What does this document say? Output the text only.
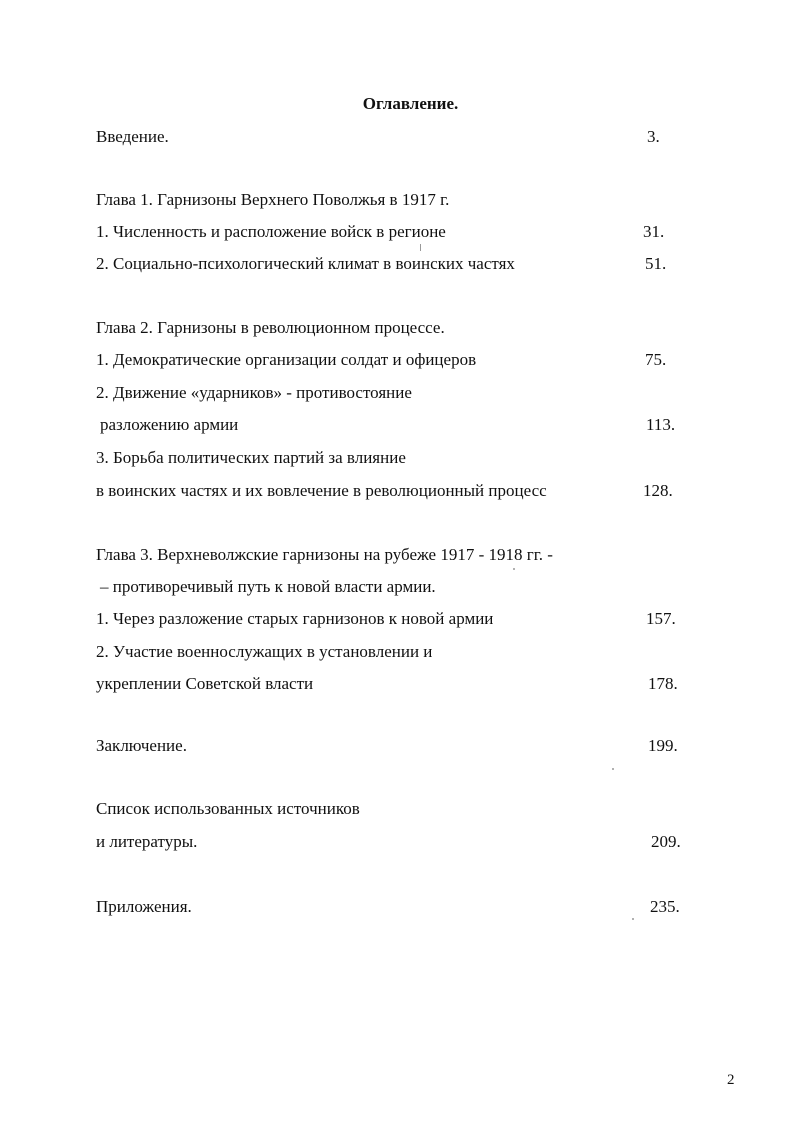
Оглавление.
Введение.	3.
Глава 1. Гарнизоны Верхнего Поволжья в 1917 г.
1. Численность и расположение войск в регионе	31.
2. Социально-психологический климат в воинских частях	51.
Глава 2. Гарнизоны в революционном процессе.
1. Демократические организации солдат и офицеров	75.
2. Движение «ударников» - противостояние
разложению армии	113.
3. Борьба политических партий за влияние
в воинских частях и их вовлечение в революционный процесс	128.
Глава 3. Верхневолжские гарнизоны на рубеже 1917 - 1918 гг. -
– противоречивый путь к новой власти армии.
1. Через разложение старых гарнизонов к новой армии	157.
2. Участие военнослужащих в установлении и
укреплении Советской власти	178.
Заключение.	199.
Список использованных источников
и литературы.	209.
Приложения.	235.
2
